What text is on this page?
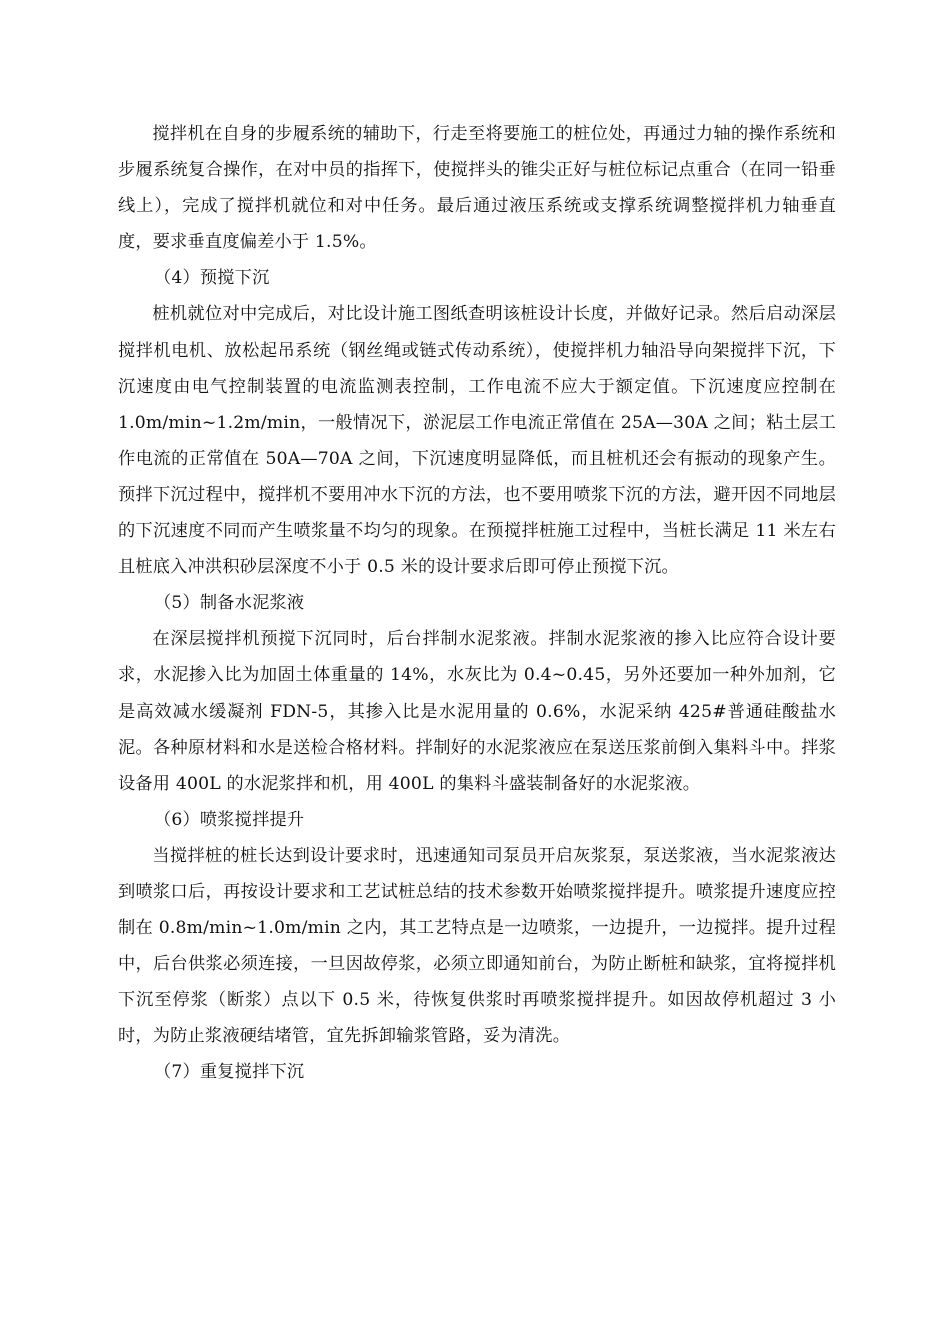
搅拌机在自身的步履系统的辅助下，行走至将要施工的桩位处，再通过力轴的操作系统和步履系统复合操作，在对中员的指挥下，使搅拌头的锥尖正好与桩位标记点重合（在同一铅垂线上），完成了搅拌机就位和对中任务。最后通过液压系统或支撑系统调整搅拌机力轴垂直度，要求垂直度偏差小于 1.5%。

（4）预搅下沉

桩机就位对中完成后，对比设计施工图纸查明该桩设计长度，并做好记录。然后启动深层搅拌机电机、放松起吊系统（钢丝绳或链式传动系统），使搅拌机力轴沿导向架搅拌下沉，下沉速度由电气控制装置的电流监测表控制，工作电流不应大于额定值。下沉速度应控制在 1.0m/min~1.2m/min，一般情况下，淤泥层工作电流正常值在 25A—30A 之间；粘土层工作电流的正常值在 50A—70A 之间，下沉速度明显降低，而且桩机还会有振动的现象产生。预拌下沉过程中，搅拌机不要用冲水下沉的方法，也不要用喷浆下沉的方法，避开因不同地层的下沉速度不同而产生喷浆量不均匀的现象。在预搅拌桩施工过程中，当桩长满足 11 米左右且桩底入冲洪积砂层深度不小于 0.5 米的设计要求后即可停止预搅下沉。

（5）制备水泥浆液

在深层搅拌机预搅下沉同时，后台拌制水泥浆液。拌制水泥浆液的掺入比应符合设计要求，水泥掺入比为加固土体重量的 14%，水灰比为 0.4~0.45，另外还要加一种外加剂，它是高效减水缓凝剂 FDN-5，其掺入比是水泥用量的 0.6%，水泥采纳 425#普通硅酸盐水泥。各种原材料和水是送检合格材料。拌制好的水泥浆液应在泵送压浆前倒入集料斗中。拌浆设备用 400L 的水泥浆拌和机，用 400L 的集料斗盛装制备好的水泥浆液。

（6）喷浆搅拌提升

当搅拌桩的桩长达到设计要求时，迅速通知司泵员开启灰浆泵，泵送浆液，当水泥浆液达到喷浆口后，再按设计要求和工艺试桩总结的技术参数开始喷浆搅拌提升。喷浆提升速度应控制在 0.8m/min~1.0m/min 之内，其工艺特点是一边喷浆，一边提升，一边搅拌。提升过程中，后台供浆必须连接，一旦因故停浆，必须立即通知前台，为防止断桩和缺浆，宜将搅拌机下沉至停浆（断浆）点以下 0.5 米，待恢复供浆时再喷浆搅拌提升。如因故停机超过 3 小时，为防止浆液硬结堵管，宜先拆卸输浆管路，妥为清洗。

（7）重复搅拌下沉
